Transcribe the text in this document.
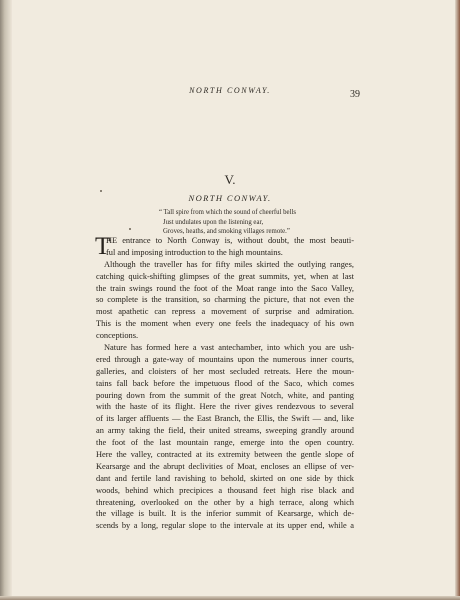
NORTH CONWAY.	39
V.
NORTH CONWAY.
“ Tall spire from which the sound of cheerful bells
Just undulates upon the listening ear,
Groves, heaths, and smoking villages remote.”
T
HE entrance to North Conway is, without doubt, the most beauti-
ful and imposing introduction to the high mountains.
Although the traveller has for fifty miles skirted the outlying ranges,
catching quick-shifting glimpses of the great summits, yet, when at last
the train swings round the foot of the Moat range into the Saco Valley,
so complete is the transition, so charming the picture, that not even the
most apathetic can repress a movement of surprise and admiration.
This is the moment when every one feels the inadequacy of his own
conceptions.
Nature has formed here a vast antechamber, into which you are ush-
ered through a gate-way of mountains upon the numerous inner courts,
galleries, and cloisters of her most secluded retreats. Here the moun-
tains fall back before the impetuous flood of the Saco, which comes
pouring down from the summit of the great Notch, white, and panting
with the haste of its flight. Here the river gives rendezvous to several
of its larger affluents — the East Branch, the Ellis, the Swift — and, like
an army taking the field, their united streams, sweeping grandly around
the foot of the last mountain range, emerge into the open country.
Here the valley, contracted at its extremity between the gentle slope of
Kearsarge and the abrupt declivities of Moat, encloses an ellipse of ver-
dant and fertile land ravishing to behold, skirted on one side by thick
woods, behind which precipices a thousand feet high rise black and
threatening, overlooked on the other by a high terrace, along which
the village is built. It is the inferior summit of Kearsarge, which de-
scends by a long, regular slope to the intervale at its upper end, while a
